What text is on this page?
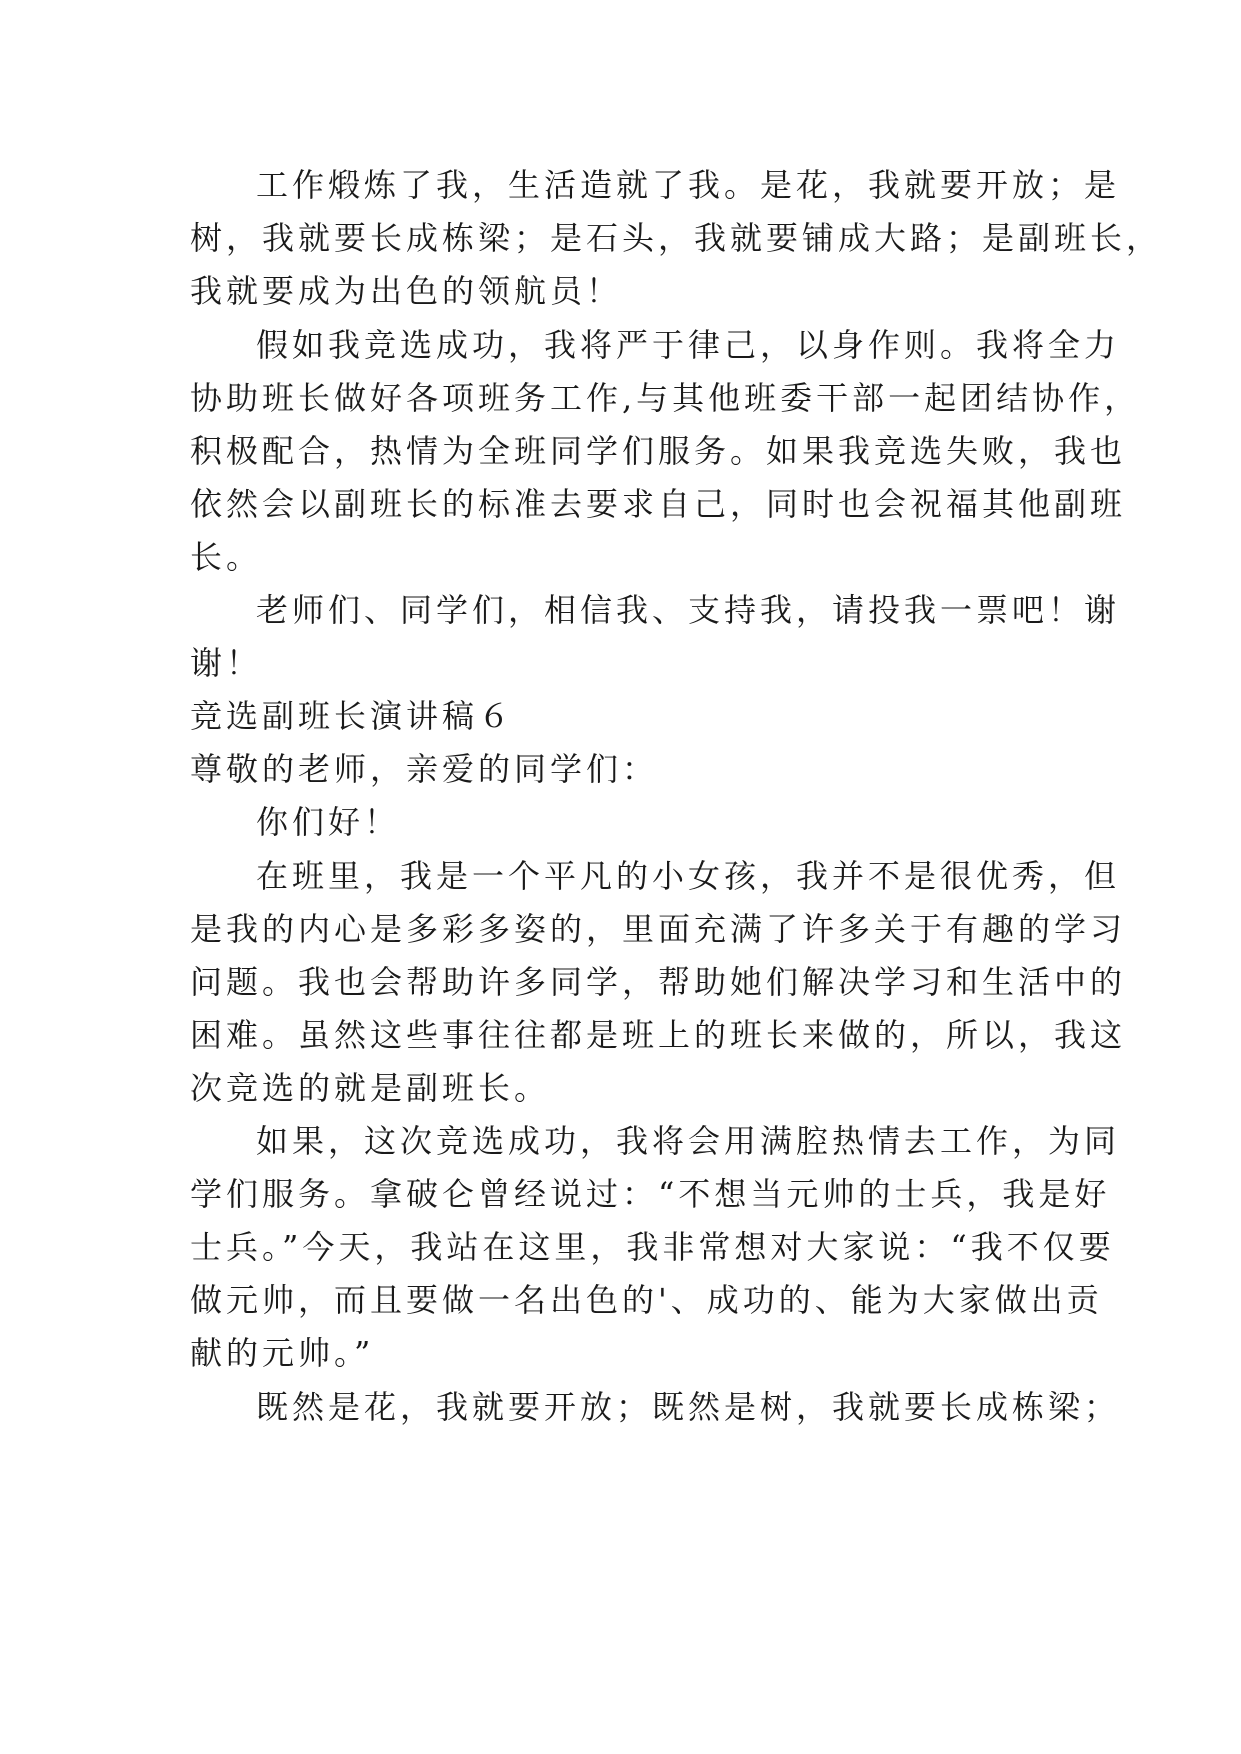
工作煅炼了我，生活造就了我。是花，我就要开放；是
树，我就要长成栋梁；是石头，我就要铺成大路；是副班长，
我就要成为出色的领航员！
假如我竞选成功，我将严于律己，以身作则。我将全力
协助班长做好各项班务工作,与其他班委干部一起团结协作，
积极配合，热情为全班同学们服务。如果我竞选失败，我也
依然会以副班长的标准去要求自己，同时也会祝福其他副班
长。
老师们、同学们，相信我、支持我，请投我一票吧！谢
谢！
竞选副班长演讲稿６
尊敬的老师，亲爱的同学们：
你们好！
在班里，我是一个平凡的小女孩，我并不是很优秀，但
是我的内心是多彩多姿的，里面充满了许多关于有趣的学习
问题。我也会帮助许多同学，帮助她们解决学习和生活中的
困难。虽然这些事往往都是班上的班长来做的，所以，我这
次竞选的就是副班长。
如果，这次竞选成功，我将会用满腔热情去工作，为同
学们服务。拿破仑曾经说过：“不想当元帅的士兵，我是好
士兵。”今天，我站在这里，我非常想对大家说：“我不仅要
做元帅，而且要做一名出色的'、成功的、能为大家做出贡
献的元帅。”
既然是花，我就要开放；既然是树，我就要长成栋梁；
